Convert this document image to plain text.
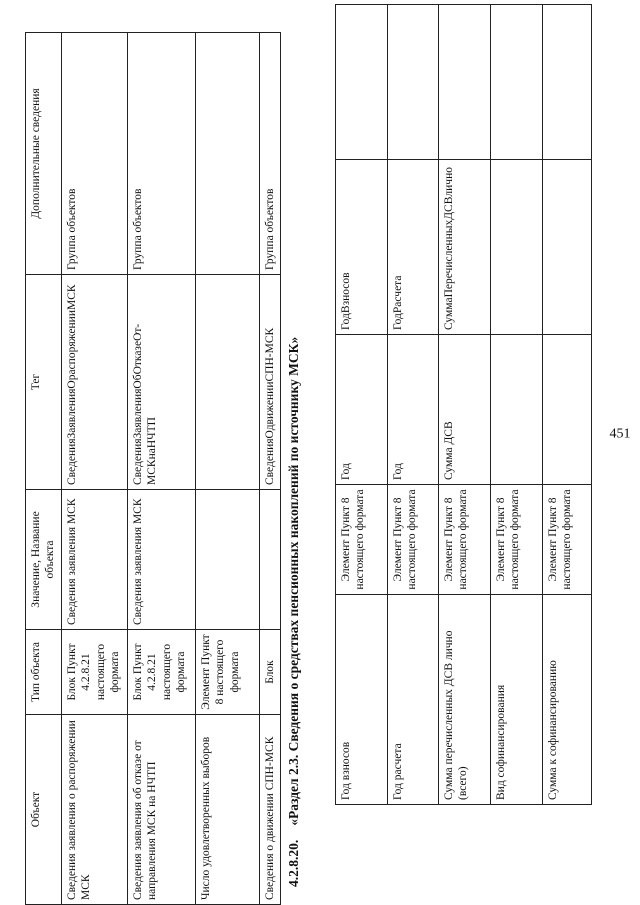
451
Год взносов	Элемент Пункт 8 настоящего формата	Год	ГодВзносов	
Год расчета	Элемент Пункт 8 настоящего формата	Год	ГодРасчета	
Сумма перечисленных ДСВ лично (всего)	Элемент Пункт 8 настоящего формата	Сумма ДСВ	СуммаПеречисленныхДСВлично	
Вид софинансирования	Элемент Пункт 8 настоящего формата			
Сумма к софинансированию	Элемент Пункт 8 настоящего формата			
4.2.8.20.«Раздел 2.3. Сведения о средствах пенсионных накоплений по источнику МСК»
Объект	Тип объекта	Значение, Название объекта	Тег	Дополнительные сведения
Сведения заявления о распоряжении МСК	Блок Пункт 4.2.8.21 настоящего формата	Сведения заявления МСК	СведенияЗаявленияОраспоряженииМСК	Группа объектов
Сведения заявления об отказе от направления МСК на НЧТП	Блок Пункт 4.2.8.21 настоящего формата	Сведения заявления МСК	СведенияЗаявленияОбОтказеОтМСКнаНЧТП	Группа объектов
Число удовлетворенных выборов	Элемент Пункт 8 настоящего формата			
Сведения о движении СПН-МСК	Блок		СведенияОдвиженииСПН-МСК	Группа объектов
